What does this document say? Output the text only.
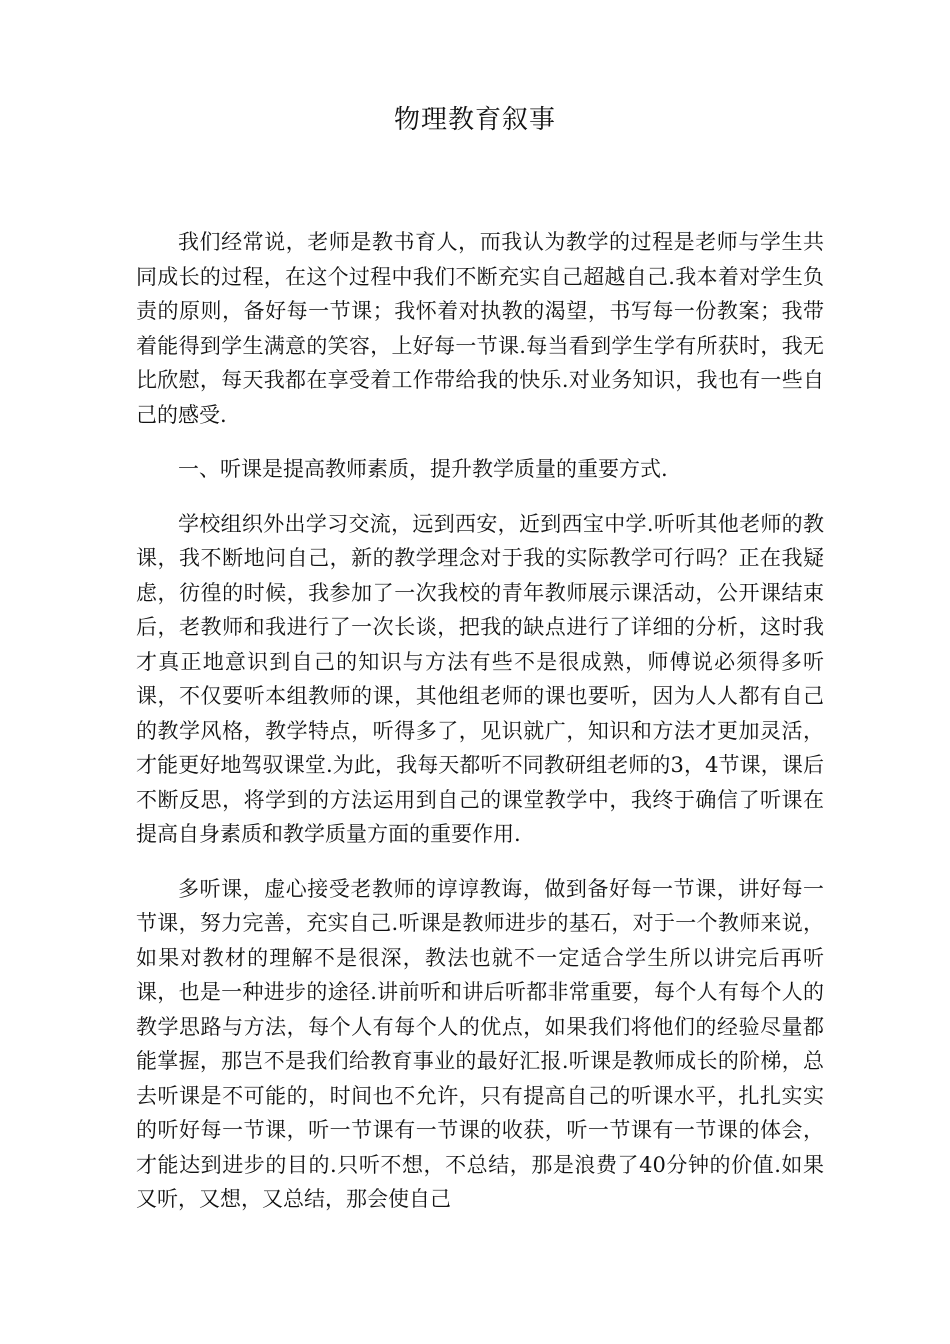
物理教育叙事

我们经常说，老师是教书育人，而我认为教学的过程是老师与学生共同成长的过程，在这个过程中我们不断充实自己超越自己.我本着对学生负责的原则，备好每一节课；我怀着对执教的渴望，书写每一份教案；我带着能得到学生满意的笑容，上好每一节课.每当看到学生学有所获时，我无比欣慰，每天我都在享受着工作带给我的快乐.对业务知识，我也有一些自己的感受.

一、听课是提高教师素质，提升教学质量的重要方式.

学校组织外出学习交流，远到西安，近到西宝中学.听听其他老师的教课，我不断地问自己，新的教学理念对于我的实际教学可行吗？正在我疑虑，彷徨的时候，我参加了一次我校的青年教师展示课活动，公开课结束后，老教师和我进行了一次长谈，把我的缺点进行了详细的分析，这时我才真正地意识到自己的知识与方法有些不是很成熟，师傅说必须得多听课，不仅要听本组教师的课，其他组老师的课也要听，因为人人都有自己的教学风格，教学特点，听得多了，见识就广，知识和方法才更加灵活，才能更好地驾驭课堂.为此，我每天都听不同教研组老师的3，4节课，课后不断反思，将学到的方法运用到自己的课堂教学中，我终于确信了听课在提高自身素质和教学质量方面的重要作用.

多听课，虚心接受老教师的谆谆教诲，做到备好每一节课，讲好每一节课，努力完善，充实自己.听课是教师进步的基石，对于一个教师来说，如果对教材的理解不是很深，教法也就不一定适合学生所以讲完后再听课，也是一种进步的途径.讲前听和讲后听都非常重要，每个人有每个人的教学思路与方法，每个人有每个人的优点，如果我们将他们的经验尽量都能掌握，那岂不是我们给教育事业的最好汇报.听课是教师成长的阶梯，总去听课是不可能的，时间也不允许，只有提高自己的听课水平，扎扎实实的听好每一节课，听一节课有一节课的收获，听一节课有一节课的体会，才能达到进步的目的.只听不想，不总结，那是浪费了40分钟的价值.如果又听，又想，又总结，那会使自己
